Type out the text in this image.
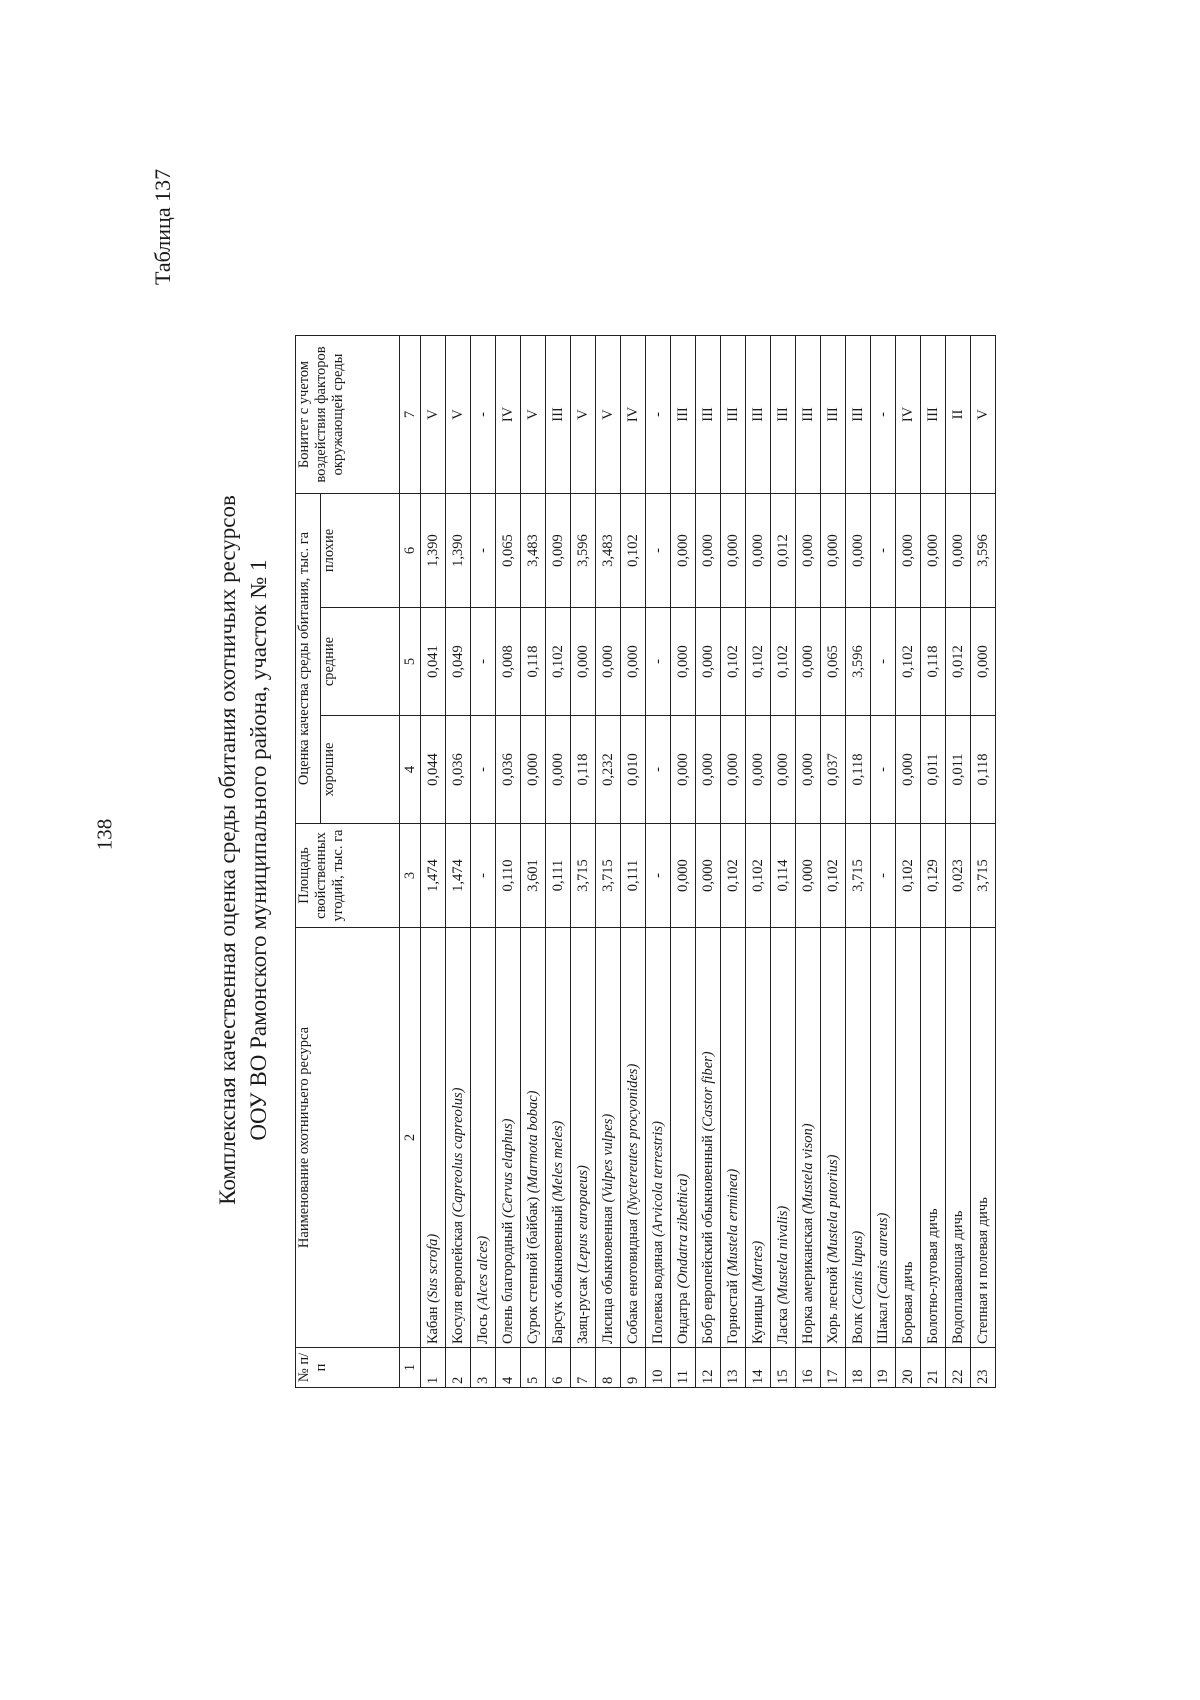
138
Таблица 137
Комплексная качественная оценка среды обитания охотничьих ресурсов ООУ ВО Рамонского муниципального района, участок № 1
№ п/п	Наименование охотничьего ресурса	Площадь свойственных угодий, тыс. га	Оценка качества среды обитания, тыс. га			Бонитет с учетом воздействия факторов окружающей среды
			хорошие	средние	плохие	
1	2	3	4	5	6	7
1	Кабан (Sus scrofa)	1,474	0,044	0,041	1,390	V
2	Косуля европейская (Capreolus capreolus)	1,474	0,036	0,049	1,390	V
3	Лось (Alces alces)	-	-	-	-	-
4	Олень благородный (Cervus elaphus)	0,110	0,036	0,008	0,065	IV
5	Сурок степной (байбак) (Marmota bobac)	3,601	0,000	0,118	3,483	V
6	Барсук обыкновенный (Meles meles)	0,111	0,000	0,102	0,009	III
7	Заяц-русак (Lepus europaeus)	3,715	0,118	0,000	3,596	V
8	Лисица обыкновенная (Vulpes vulpes)	3,715	0,232	0,000	3,483	V
9	Собака енотовидная (Nyctereutes procyonides)	0,111	0,010	0,000	0,102	IV
10	Полевка водяная (Arvicola terrestris)	-	-	-	-	-
11	Ондатра (Ondatra zibethica)	0,000	0,000	0,000	0,000	III
12	Бобр европейский обыкновенный (Castor fiber)	0,000	0,000	0,000	0,000	III
13	Горностай (Mustela erminea)	0,102	0,000	0,102	0,000	III
14	Куницы (Martes)	0,102	0,000	0,102	0,000	III
15	Ласка (Mustela nivalis)	0,114	0,000	0,102	0,012	III
16	Норка американская (Mustela vison)	0,000	0,000	0,000	0,000	III
17	Хорь лесной (Mustela putorius)	0,102	0,037	0,065	0,000	III
18	Волк (Canis lupus)	3,715	0,118	3,596	0,000	III
19	Шакал (Canis aureus)	-	-	-	-	-
20	Боровая дичь	0,102	0,000	0,102	0,000	IV
21	Болотно-луговая дичь	0,129	0,011	0,118	0,000	III
22	Водоплавающая дичь	0,023	0,011	0,012	0,000	II
23	Степная и полевая дичь	3,715	0,118	0,000	3,596	V
